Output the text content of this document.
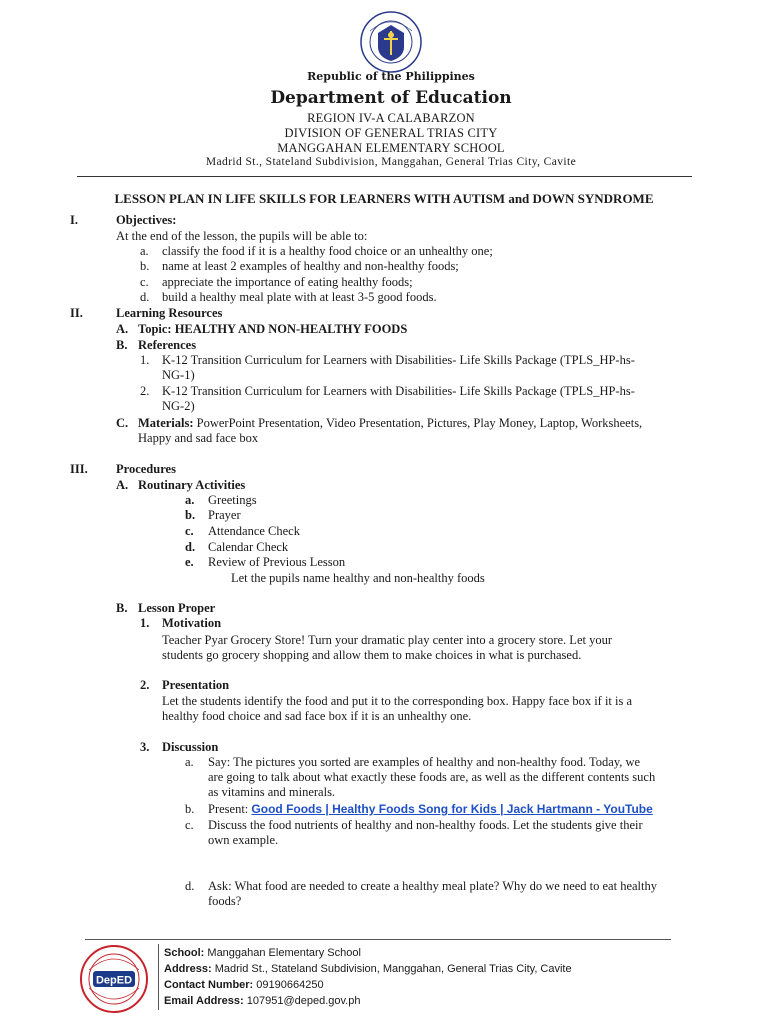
Republic of the Philippines
Department of Education
REGION IV-A CALABARZON
DIVISION OF GENERAL TRIAS CITY
MANGGAHAN ELEMENTARY SCHOOL
Madrid St., Stateland Subdivision, Manggahan, General Trias City, Cavite
LESSON PLAN IN LIFE SKILLS FOR LEARNERS WITH AUTISM and DOWN SYNDROME
I.	Objectives:
At the end of the lesson, the pupils will be able to:
a. classify the food if it is a healthy food choice or an unhealthy one;
b. name at least 2 examples of healthy and non-healthy foods;
c. appreciate the importance of eating healthy foods;
d. build a healthy meal plate with at least 3-5 good foods.
II.	Learning Resources
A. Topic: HEALTHY AND NON-HEALTHY FOODS
B. References
1. K-12 Transition Curriculum for Learners with Disabilities- Life Skills Package (TPLS_HP-hs-
NG-1)
2. K-12 Transition Curriculum for Learners with Disabilities- Life Skills Package (TPLS_HP-hs-
NG-2)
C. Materials: PowerPoint Presentation, Video Presentation, Pictures, Play Money, Laptop, Worksheets,
Happy and sad face box
III. Procedures
A. Routinary Activities
a. Greetings
b. Prayer
c. Attendance Check
d. Calendar Check
e. Review of Previous Lesson
Let the pupils name healthy and non-healthy foods
B. Lesson Proper
1. Motivation
Teacher Pyar Grocery Store! Turn your dramatic play center into a grocery store. Let your
students go grocery shopping and allow them to make choices in what is purchased.
2. Presentation
Let the students identify the food and put it to the corresponding box. Happy face box if it is a
healthy food choice and sad face box if it is an unhealthy one.
3. Discussion
a. Say: The pictures you sorted are examples of healthy and non-healthy food. Today, we
are going to talk about what exactly these foods are, as well as the different contents such
as vitamins and minerals.
b. Present: Good Foods | Healthy Foods Song for Kids | Jack Hartmann - YouTube
c. Discuss the food nutrients of healthy and non-healthy foods. Let the students give their
own example.
d. Ask: What food are needed to create a healthy meal plate? Why do we need to eat healthy
foods?
DepED
School: Manggahan Elementary School
Address: Madrid St., Stateland Subdivision, Manggahan, General Trias City, Cavite
Contact Number: 09190664250
Email Address: 107951@deped.gov.ph
